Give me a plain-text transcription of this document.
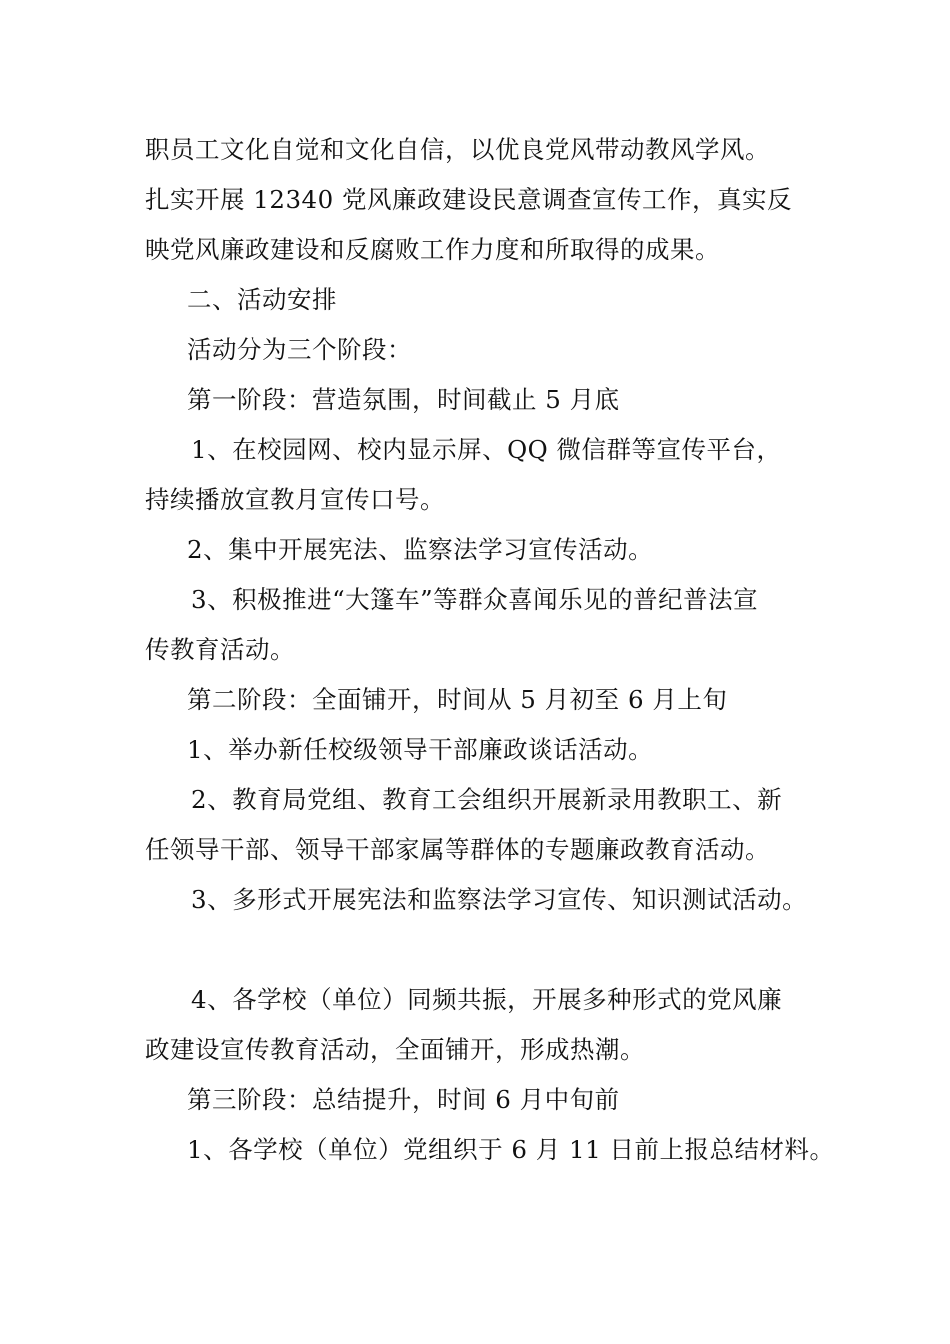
职员工文化自觉和文化自信，以优良党风带动教风学风。
扎实开展 12340 党风廉政建设民意调查宣传工作，真实反
映党风廉政建设和反腐败工作力度和所取得的成果。
二、活动安排
活动分为三个阶段：
第一阶段：营造氛围，时间截止 5 月底
1、在校园网、校内显示屏、QQ 微信群等宣传平台，
持续播放宣教月宣传口号。
2、集中开展宪法、监察法学习宣传活动。
3、积极推进“大篷车”等群众喜闻乐见的普纪普法宣
传教育活动。
第二阶段：全面铺开，时间从 5 月初至 6 月上旬
1、举办新任校级领导干部廉政谈话活动。
2、教育局党组、教育工会组织开展新录用教职工、新
任领导干部、领导干部家属等群体的专题廉政教育活动。
3、多形式开展宪法和监察法学习宣传、知识测试活动。
4、各学校（单位）同频共振，开展多种形式的党风廉
政建设宣传教育活动，全面铺开，形成热潮。
第三阶段：总结提升，时间 6 月中旬前
1、各学校（单位）党组织于 6 月 11 日前上报总结材料。
